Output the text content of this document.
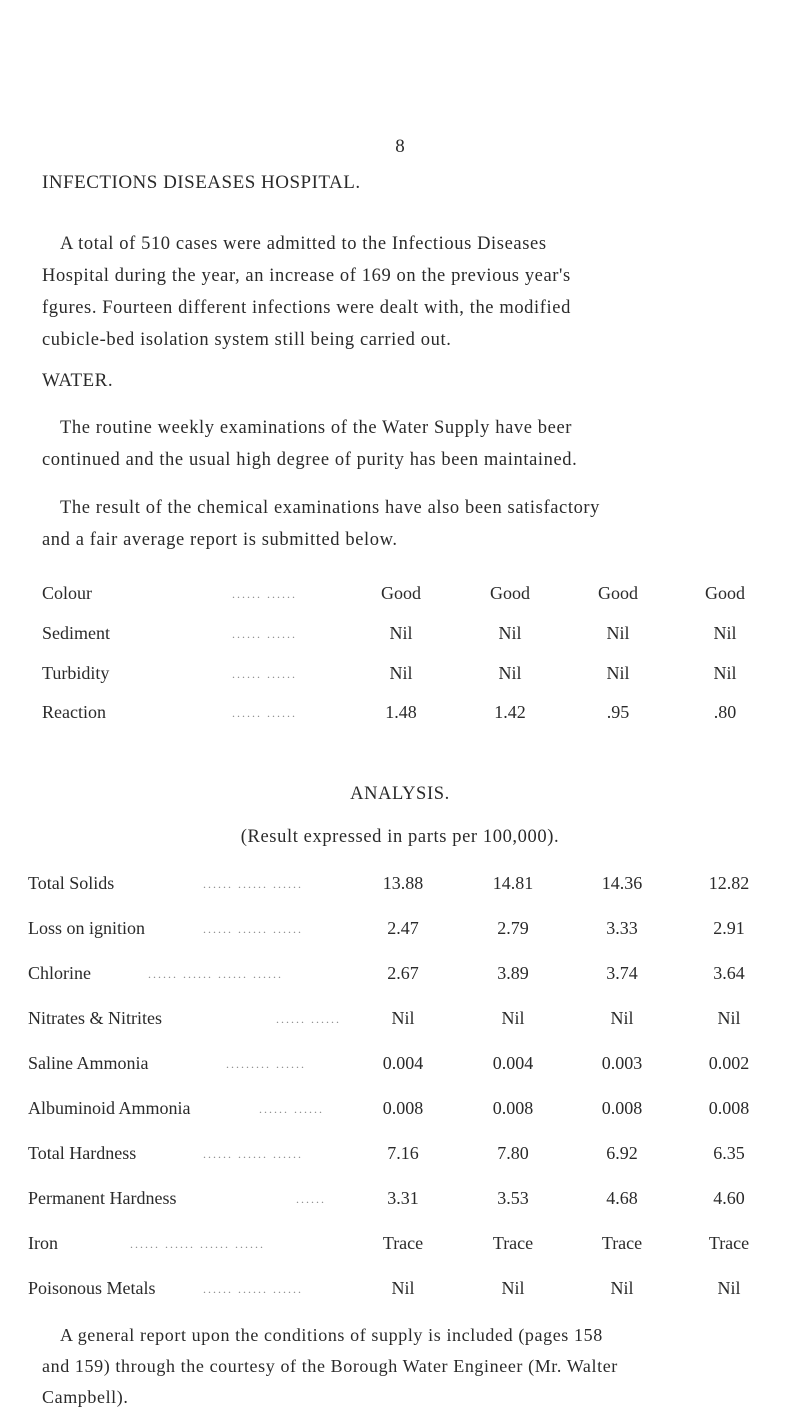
8
INFECTIONS DISEASES HOSPITAL.
A total of 510 cases were admitted to the Infectious Diseases
Hospital during the year, an increase of 169 on the previous year's
fgures. Fourteen different infections were dealt with, the modified
cubicle-bed isolation system still being carried out.
WATER.
The routine weekly examinations of the Water Supply have beer
continued and the usual high degree of purity has been maintained.
The result of the chemical examinations have also been satisfactory
and a fair average report is submitted below.
Colour	...... ......	Good	Good	Good	Good
Sediment	...... ......	Nil	Nil	Nil	Nil
Turbidity	...... ......	Nil	Nil	Nil	Nil
Reaction	...... ......	1.48	1.42	.95	.80
ANALYSIS.
(Result expressed in parts per 100,000).
Total Solids	...... ...... ......	13.88	14.81	14.36	12.82
Loss on ignition	...... ...... ......	2.47	2.79	3.33	2.91
Chlorine	...... ...... ...... ......	2.67	3.89	3.74	3.64
Nitrates & Nitrites	...... ......	Nil	Nil	Nil	Nil
Saline Ammonia	......... ......	0.004	0.004	0.003	0.002
Albuminoid Ammonia	...... ......	0.008	0.008	0.008	0.008
Total Hardness	...... ...... ......	7.16	7.80	6.92	6.35
Permanent Hardness	......	3.31	3.53	4.68	4.60
Iron	...... ...... ...... ......	Trace	Trace	Trace	Trace
Poisonous Metals	...... ...... ......	Nil	Nil	Nil	Nil
A general report upon the conditions of supply is included (pages 158
and 159) through the courtesy of the Borough Water Engineer (Mr. Walter
Campbell).
